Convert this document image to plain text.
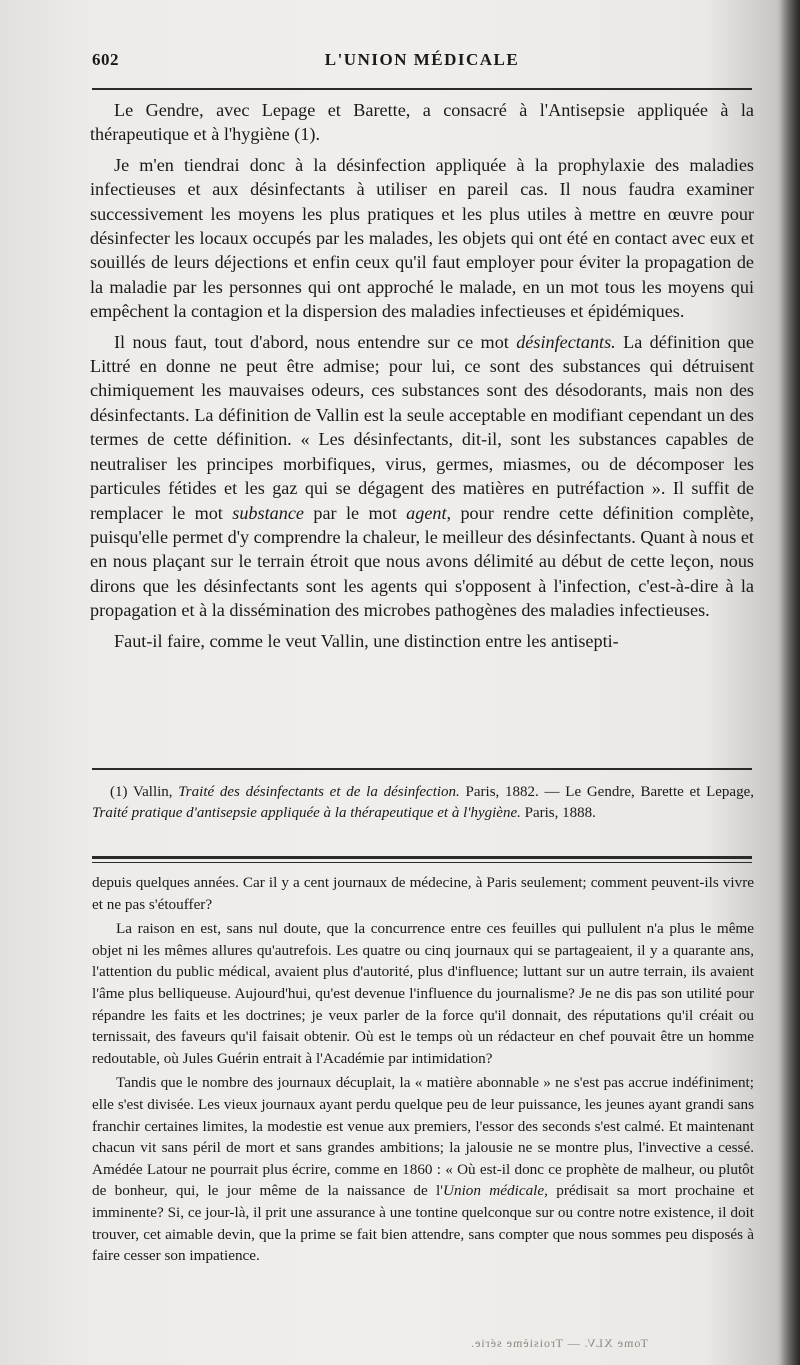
602	L'UNION MÉDICALE

Le Gendre, avec Lepage et Barette, a consacré à l'Antisepsie appliquée à la thérapeutique et à l'hygiène (1).

Je m'en tiendrai donc à la désinfection appliquée à la prophylaxie des maladies infectieuses et aux désinfectants à utiliser en pareil cas. Il nous faudra examiner successivement les moyens les plus pratiques et les plus utiles à mettre en œuvre pour désinfecter les locaux occupés par les malades, les objets qui ont été en contact avec eux et souillés de leurs déjections et enfin ceux qu'il faut employer pour éviter la propagation de la maladie par les personnes qui ont approché le malade, en un mot tous les moyens qui empêchent la contagion et la dispersion des maladies infectieuses et épidémiques.

Il nous faut, tout d'abord, nous entendre sur ce mot désinfectants. La définition que Littré en donne ne peut être admise; pour lui, ce sont des substances qui détruisent chimiquement les mauvaises odeurs, ces substances sont des désodorants, mais non des désinfectants. La définition de Vallin est la seule acceptable en modifiant cependant un des termes de cette définition. « Les désinfectants, dit-il, sont les substances capables de neutraliser les principes morbifiques, virus, germes, miasmes, ou de décomposer les particules fétides et les gaz qui se dégagent des matières en putréfaction ». Il suffit de remplacer le mot substance par le mot agent, pour rendre cette définition complète, puisqu'elle permet d'y comprendre la chaleur, le meilleur des désinfectants. Quant à nous et en nous plaçant sur le terrain étroit que nous avons délimité au début de cette leçon, nous dirons que les désinfectants sont les agents qui s'opposent à l'infection, c'est-à-dire à la propagation et à la dissémination des microbes pathogènes des maladies infectieuses.

Faut-il faire, comme le veut Vallin, une distinction entre les antisepti-

(1) Vallin, Traité des désinfectants et de la désinfection. Paris, 1882. — Le Gendre, Barette et Lepage, Traité pratique d'antisepsie appliquée à la thérapeutique et à l'hygiène. Paris, 1888.

depuis quelques années. Car il y a cent journaux de médecine, à Paris seulement; comment peuvent-ils vivre et ne pas s'étouffer?

La raison en est, sans nul doute, que la concurrence entre ces feuilles qui pullulent n'a plus le même objet ni les mêmes allures qu'autrefois. Les quatre ou cinq journaux qui se partageaient, il y a quarante ans, l'attention du public médical, avaient plus d'autorité, plus d'influence; luttant sur un autre terrain, ils avaient l'âme plus belliqueuse. Aujourd'hui, qu'est devenue l'influence du journalisme? Je ne dis pas son utilité pour répandre les faits et les doctrines; je veux parler de la force qu'il donnait, des réputations qu'il créait ou ternissait, des faveurs qu'il faisait obtenir. Où est le temps où un rédacteur en chef pouvait être un homme redoutable, où Jules Guérin entrait à l'Académie par intimidation?

Tandis que le nombre des journaux décuplait, la « matière abonnable » ne s'est pas accrue indéfiniment; elle s'est divisée. Les vieux journaux ayant perdu quelque peu de leur puissance, les jeunes ayant grandi sans franchir certaines limites, la modestie est venue aux premiers, l'essor des seconds s'est calmé. Et maintenant chacun vit sans péril de mort et sans grandes ambitions; la jalousie ne se montre plus, l'invective a cessé. Amédée Latour ne pourrait plus écrire, comme en 1860 : « Où est-il donc ce prophète de malheur, ou plutôt de bonheur, qui, le jour même de la naissance de l'Union médicale, prédisait sa mort prochaine et imminente? Si, ce jour-là, il prit une assurance à une tontine quelconque sur ou contre notre existence, il doit trouver, cet aimable devin, que la prime se fait bien attendre, sans compter que nous sommes peu disposés à faire cesser son impatience.

Tome XLV. — Troisième série.
